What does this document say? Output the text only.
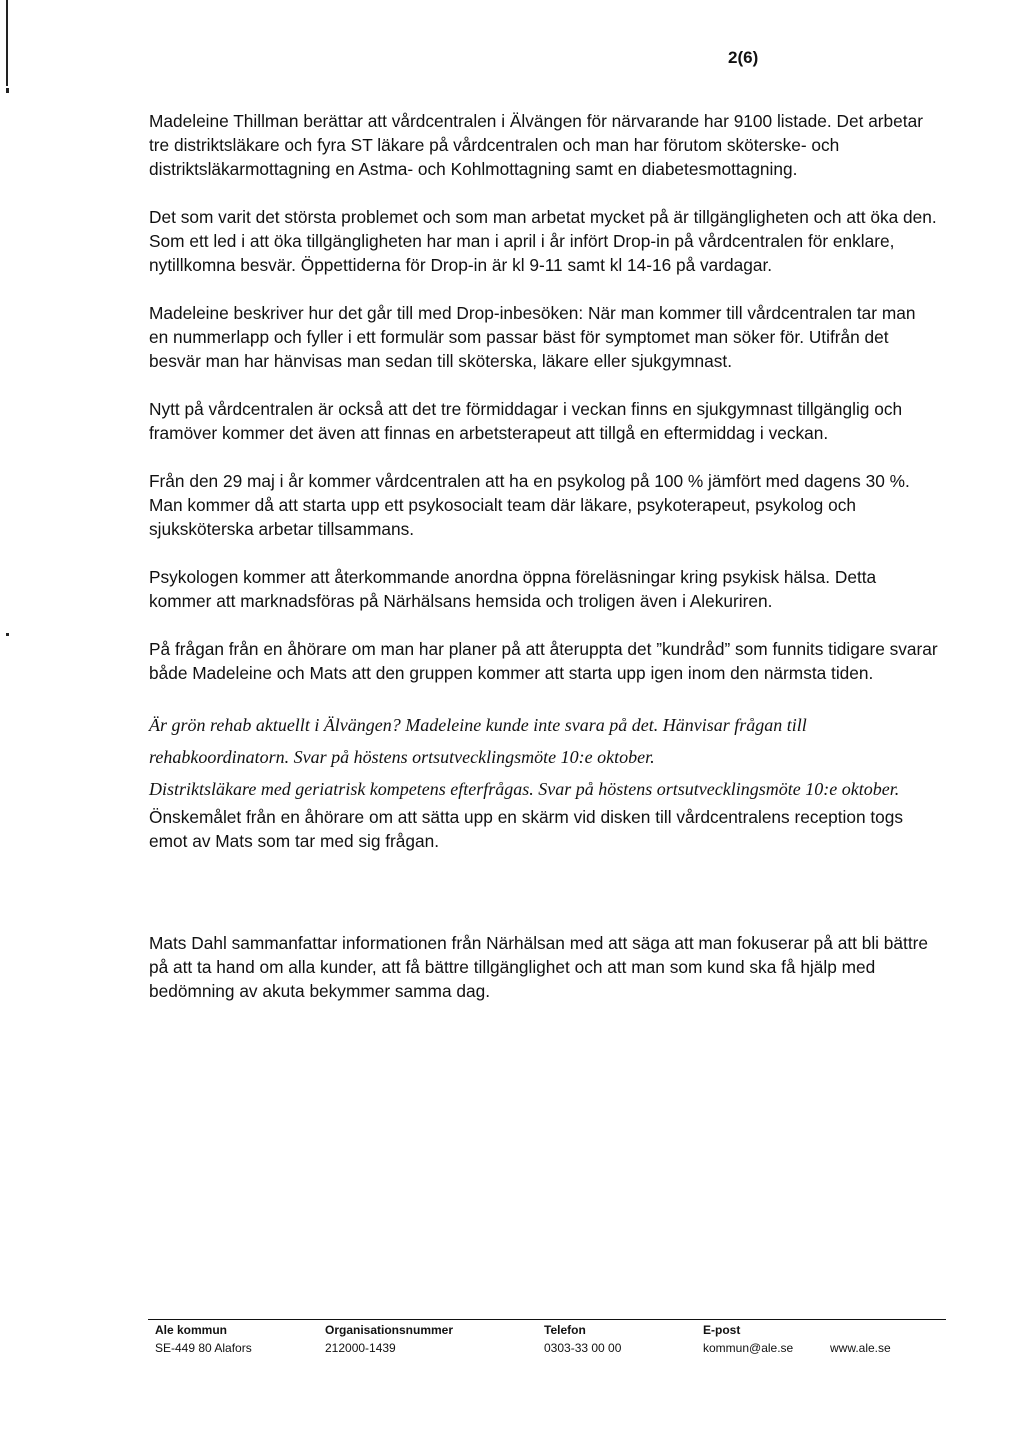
2(6)

Madeleine Thillman berättar att vårdcentralen i Älvängen för närvarande har 9100 listade. Det arbetar tre distriktsläkare och fyra ST läkare på vårdcentralen och man har förutom sköterske- och distriktsläkarmottagning en Astma- och Kohlmottagning samt en diabetesmottagning.

Det som varit det största problemet och som man arbetat mycket på är tillgängligheten och att öka den. Som ett led i att öka tillgängligheten har man i april i år infört Drop-in på vårdcentralen för enklare, nytillkomna besvär. Öppettiderna för Drop-in är kl 9-11 samt kl 14-16 på vardagar.

Madeleine beskriver hur det går till med Drop-inbesöken: När man kommer till vårdcentralen tar man en nummerlapp och fyller i ett formulär som passar bäst för symptomet man söker för. Utifrån det besvär man har hänvisas man sedan till sköterska, läkare eller sjukgymnast.

Nytt på vårdcentralen är också att det tre förmiddagar i veckan finns en sjukgymnast tillgänglig och framöver kommer det även att finnas en arbetsterapeut att tillgå en eftermiddag i veckan.

Från den 29 maj i år kommer vårdcentralen att ha en psykolog på 100 % jämfört med dagens 30 %. Man kommer då att starta upp ett psykosocialt team där läkare, psykoterapeut, psykolog och sjuksköterska arbetar tillsammans.

Psykologen kommer att återkommande anordna öppna föreläsningar kring psykisk hälsa. Detta kommer att marknadsföras på Närhälsans hemsida och troligen även i Alekuriren.

På frågan från en åhörare om man har planer på att återuppta det ”kundråd” som funnits tidigare svarar både Madeleine och Mats att den gruppen kommer att starta upp igen inom den närmsta tiden.

Är grön rehab aktuellt i Älvängen? Madeleine kunde inte svara på det. Hänvisar frågan till rehabkoordinatorn. Svar på höstens ortsutvecklingsmöte 10:e oktober.

Distriktsläkare med geriatrisk kompetens efterfrågas. Svar på höstens ortsutvecklingsmöte 10:e oktober.

Önskemålet från en åhörare om att sätta upp en skärm vid disken till vårdcentralens reception togs emot av Mats som tar med sig frågan.

Mats Dahl sammanfattar informationen från Närhälsan med att säga att man fokuserar på att bli bättre på att ta hand om alla kunder, att få bättre tillgänglighet och att man som kund ska få hjälp med bedömning av akuta bekymmer samma dag.

Ale kommun
SE-449 80 Alafors
Organisationsnummer
212000-1439
Telefon
0303-33 00 00
E-post
kommun@ale.se	www.ale.se
